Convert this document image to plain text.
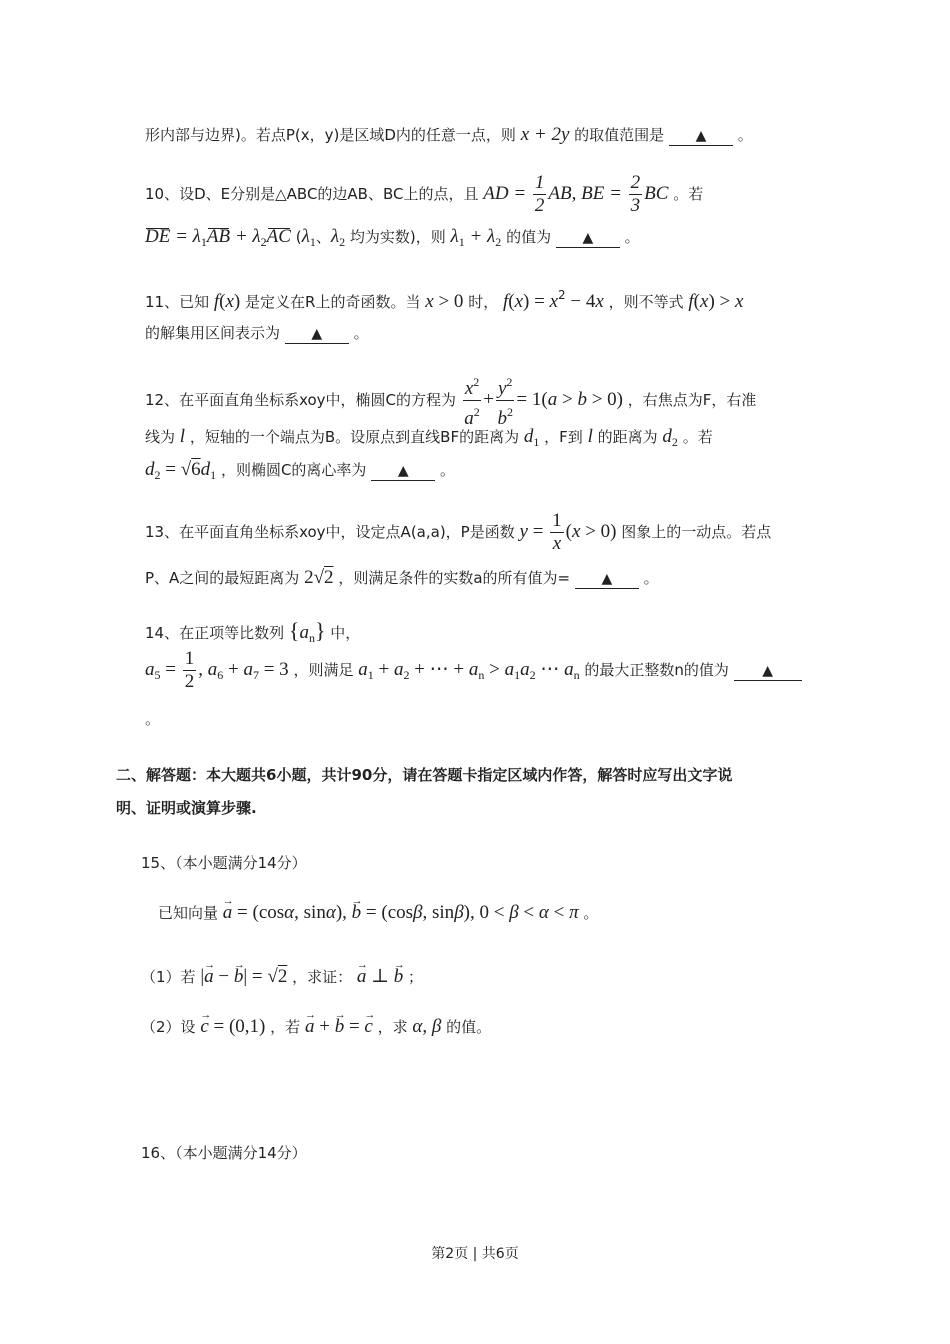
形内部与边界)。若点P(x，y)是区域D内的任意一点，则 x + 2y 的取值范围是 ▲ 。
10、设D、E分别是△ABC的边AB、BC上的点，且 AD = $\frac{1}{2}$ AB, BE = $\frac{2}{3}$ BC 。若
DE = $\lambda_1AB + \lambda_2AC$ ($\lambda_1$、$\lambda_2$ 均为实数)，则 $\lambda_1 + \lambda_2$ 的值为 ▲ 。
11、已知 f(x) 是定义在R上的奇函数。当 x > 0 时， $f(x) = x^2 - 4x$ ，则不等式 f(x) > x
的解集用区间表示为 ▲ 。
12、在平面直角坐标系xoy中，椭圆C的方程为 $\frac{x^2}{a^2} + \frac{y^2}{b^2} = 1(a > b > 0)$ ，右焦点为F，右准
线为 l ，短轴的一个端点为B。设原点到直线BF的距离为 $d_1$ ，F到 l 的距离为 $d_2$ 。若
$d_2 = √6d_1$ ，则椭圆C的离心率为 ▲ 。
13、在平面直角坐标系xoy中，设定点A(a,a)，P是函数 $y = \frac{1}{x} (x > 0)$ 图象上的一动点。若点
P、A之间的最短距离为 2√2 ，则满足条件的实数a的所有值为= ▲ 。
14、在正项等比数列 $\{a_n\}$ 中，
$a_5 = \frac{1}{2}$ , $a_6 + a_7 = 3$ ，则满足 $a_1 + a_2$ + ⋯ + $a_n > a_1a_2$ ⋯ $a_n$ 的最大正整数n的值为 ▲
。
二、解答题：本大题共6小题，共计90分，请在答题卡指定区域内作答，解答时应写出文字说
明、证明或演算步骤.
15、（本小题满分14分）
已知向量 → a = (cosα, sinα), → b = (cosβ, sinβ), 0 < β < α < π 。
（1）若 |→ a − → b| = √2 ，求证： → a ⊥ → b ；
（2）设 → c = (0,1) ，若 → a + → b = → c ，求 α, β 的值。
16、（本小题满分14分）
第2页 | 共6页
